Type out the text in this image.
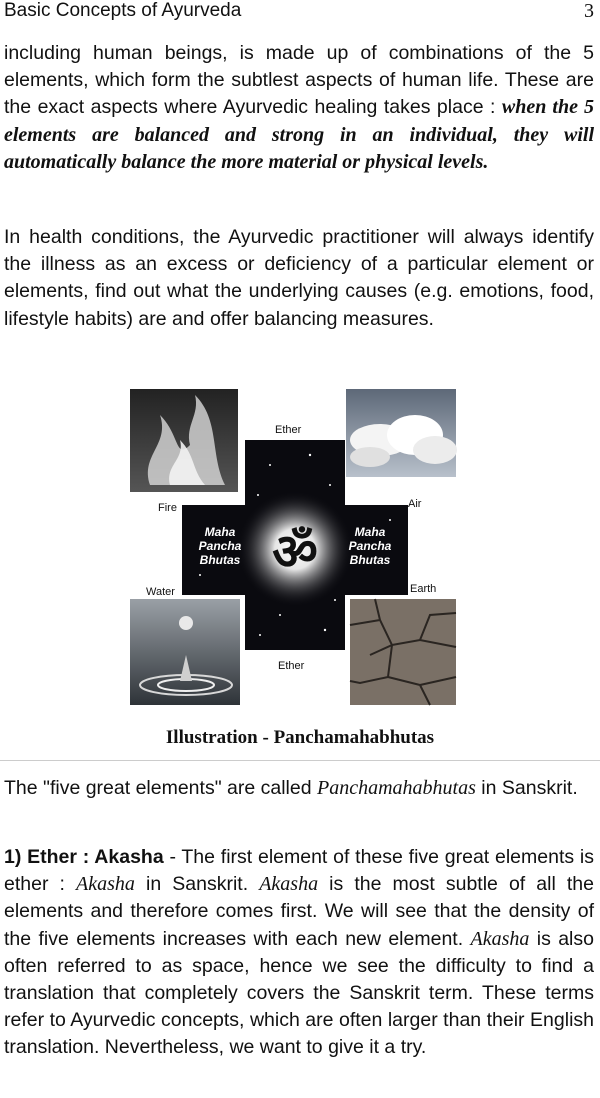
Basic Concepts of Ayurveda	3

including human beings, is made up of combinations of the 5 elements, which form the subtlest aspects of human life. These are the exact aspects where Ayurvedic healing takes place : when the 5 elements are balanced and strong in an individual, they will automatically balance the more material or physical levels.

In health conditions, the Ayurvedic practitioner will always identify the illness as an excess or deficiency of a particular element or elements, find out what the underlying causes (e.g. emotions, food, lifestyle habits) are and offer balancing measures.

ॐ
Maha
Pancha
Bhutas
Maha
Pancha
Bhutas
Ether
Fire	Air
Water	Earth
Ether
Illustration - Panchamahabhutas

The "five great elements" are called Panchamahabhutas in Sanskrit.

1) Ether : Akasha - The first element of these five great elements is ether : Akasha in Sanskrit. Akasha is the most subtle of all the elements and therefore comes first. We will see that the density of the five elements increases with each new element. Akasha is also often referred to as space, hence we see the difficulty to find a translation that completely covers the Sanskrit term. These terms refer to Ayurvedic concepts, which are often larger than their English translation. Nevertheless, we want to give it a try.
